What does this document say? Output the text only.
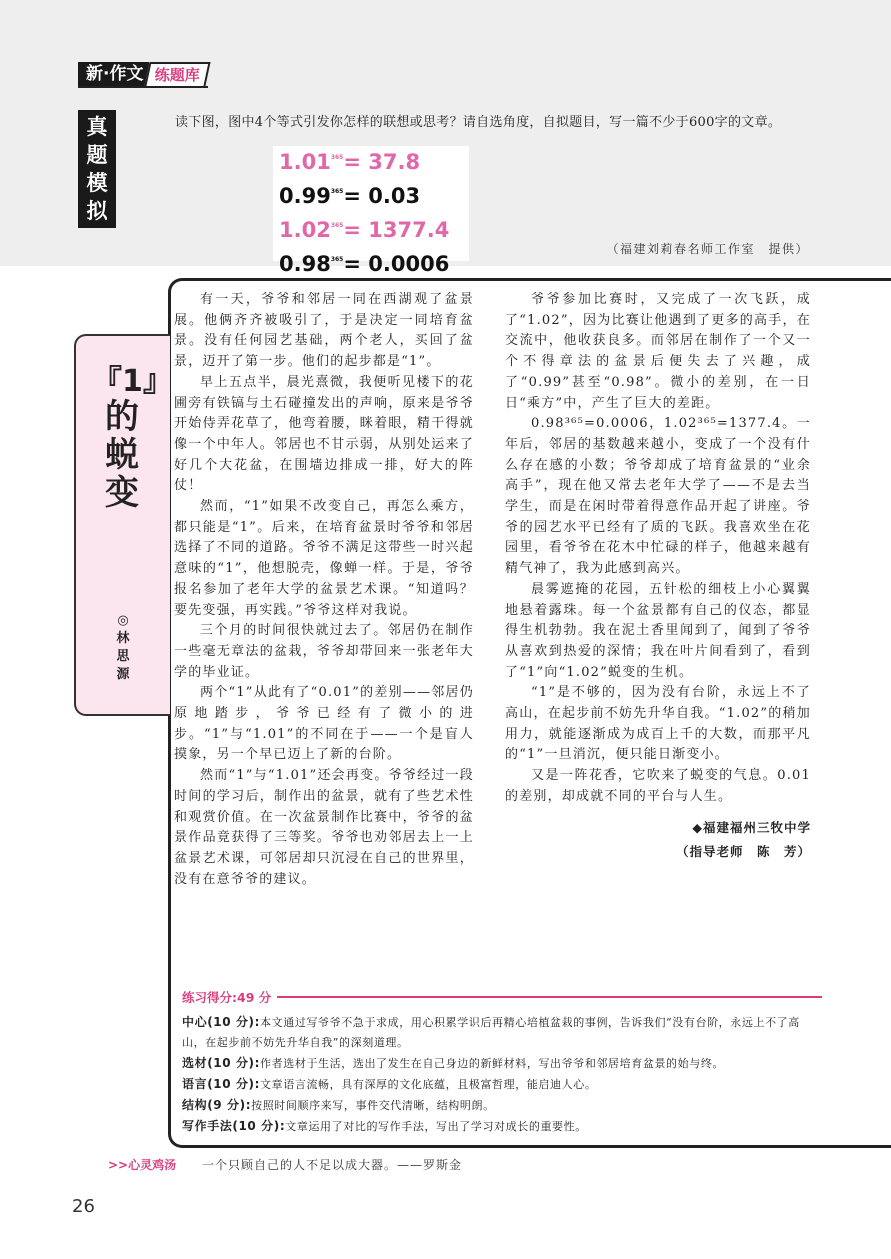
新·作文 练题库
真
题
模
拟
读下图，图中4个等式引发你怎样的联想或思考？请自选角度，自拟题目，写一篇不少于600字的文章。
$1.01^{365}= 37.8$
$0.99^{365}= 0.03$
$1.02^{365}= 1377.4$
$0.98^{365}= 0.0006$
（福建刘莉春名师工作室　提供）
『1』
的
蜕
变
◎
林
思
源

有一天，爷爷和邻居一同在西湖观了盆景展。他俩齐齐被吸引了，于是决定一同培育盆景。没有任何园艺基础，两个老人，买回了盆景，迈开了第一步。他们的起步都是“1”。

早上五点半，晨光熹微，我便听见楼下的花圃旁有铁镐与土石碰撞发出的声响，原来是爷爷开始侍弄花草了，他弯着腰，眯着眼，精干得就像一个中年人。邻居也不甘示弱，从别处运来了好几个大花盆，在围墙边排成一排，好大的阵仗！

然而，“1”如果不改变自己，再怎么乘方，都只能是“1”。后来，在培育盆景时爷爷和邻居选择了不同的道路。爷爷不满足这带些一时兴起意味的“1”，他想脱壳，像蝉一样。于是，爷爷报名参加了老年大学的盆景艺术课。“知道吗？要先变强，再实践。”爷爷这样对我说。

三个月的时间很快就过去了。邻居仍在制作一些毫无章法的盆栽，爷爷却带回来一张老年大学的毕业证。

两个“1”从此有了“0.01”的差别——邻居仍原地踏步，爷爷已经有了微小的进步。“1”与“1.01”的不同在于——一个是盲人摸象，另一个早已迈上了新的台阶。

然而“1”与“1.01”还会再变。爷爷经过一段时间的学习后，制作出的盆景，就有了些艺术性和观赏价值。在一次盆景制作比赛中，爷爷的盆景作品竟获得了三等奖。爷爷也劝邻居去上一上盆景艺术课，可邻居却只沉浸在自己的世界里，没有在意爷爷的建议。

爷爷参加比赛时，又完成了一次飞跃，成了“1.02”，因为比赛让他遇到了更多的高手，在交流中，他收获良多。而邻居在制作了一个又一个不得章法的盆景后便失去了兴趣，成了“0.99”甚至“0.98”。微小的差别，在一日日“乘方”中，产生了巨大的差距。

0.98³⁶⁵=0.0006，1.02³⁶⁵=1377.4。一年后，邻居的基数越来越小，变成了一个没有什么存在感的小数；爷爷却成了培育盆景的“业余高手”，现在他又常去老年大学了——不是去当学生，而是在闲时带着得意作品开起了讲座。爷爷的园艺水平已经有了质的飞跃。我喜欢坐在花园里，看爷爷在花木中忙碌的样子，他越来越有精气神了，我为此感到高兴。

晨雾遮掩的花园，五针松的细枝上小心翼翼地悬着露珠。每一个盆景都有自己的仪态，都显得生机勃勃。我在泥土香里闻到了，闻到了爷爷从喜欢到热爱的深情；我在叶片间看到了，看到了“1”向“1.02”蜕变的生机。

“1”是不够的，因为没有台阶，永远上不了高山，在起步前不妨先升华自我。“1.02”的稍加用力，就能逐渐成为成百上千的大数，而那平凡的“1”一旦消沉，便只能日渐变小。

又是一阵花香，它吹来了蜕变的气息。0.01的差别，却成就不同的平台与人生。

◆福建福州三牧中学
（指导老师　陈　芳）
练习得分:49 分
中心(10 分):本文通过写爷爷不急于求成，用心积累学识后再精心培植盆栽的事例，告诉我们“没有台阶，永远上不了高山，在起步前不妨先升华自我”的深刻道理。
选材(10 分):作者选材于生活，选出了发生在自己身边的新鲜材料，写出爷爷和邻居培育盆景的始与终。
语言(10 分):文章语言流畅，具有深厚的文化底蕴，且极富哲理，能启迪人心。
结构(9 分):按照时间顺序来写，事件交代清晰，结构明朗。
写作手法(10 分):文章运用了对比的写作手法，写出了学习对成长的重要性。
>>心灵鸡汤 一个只顾自己的人不足以成大器。——罗斯金
26
